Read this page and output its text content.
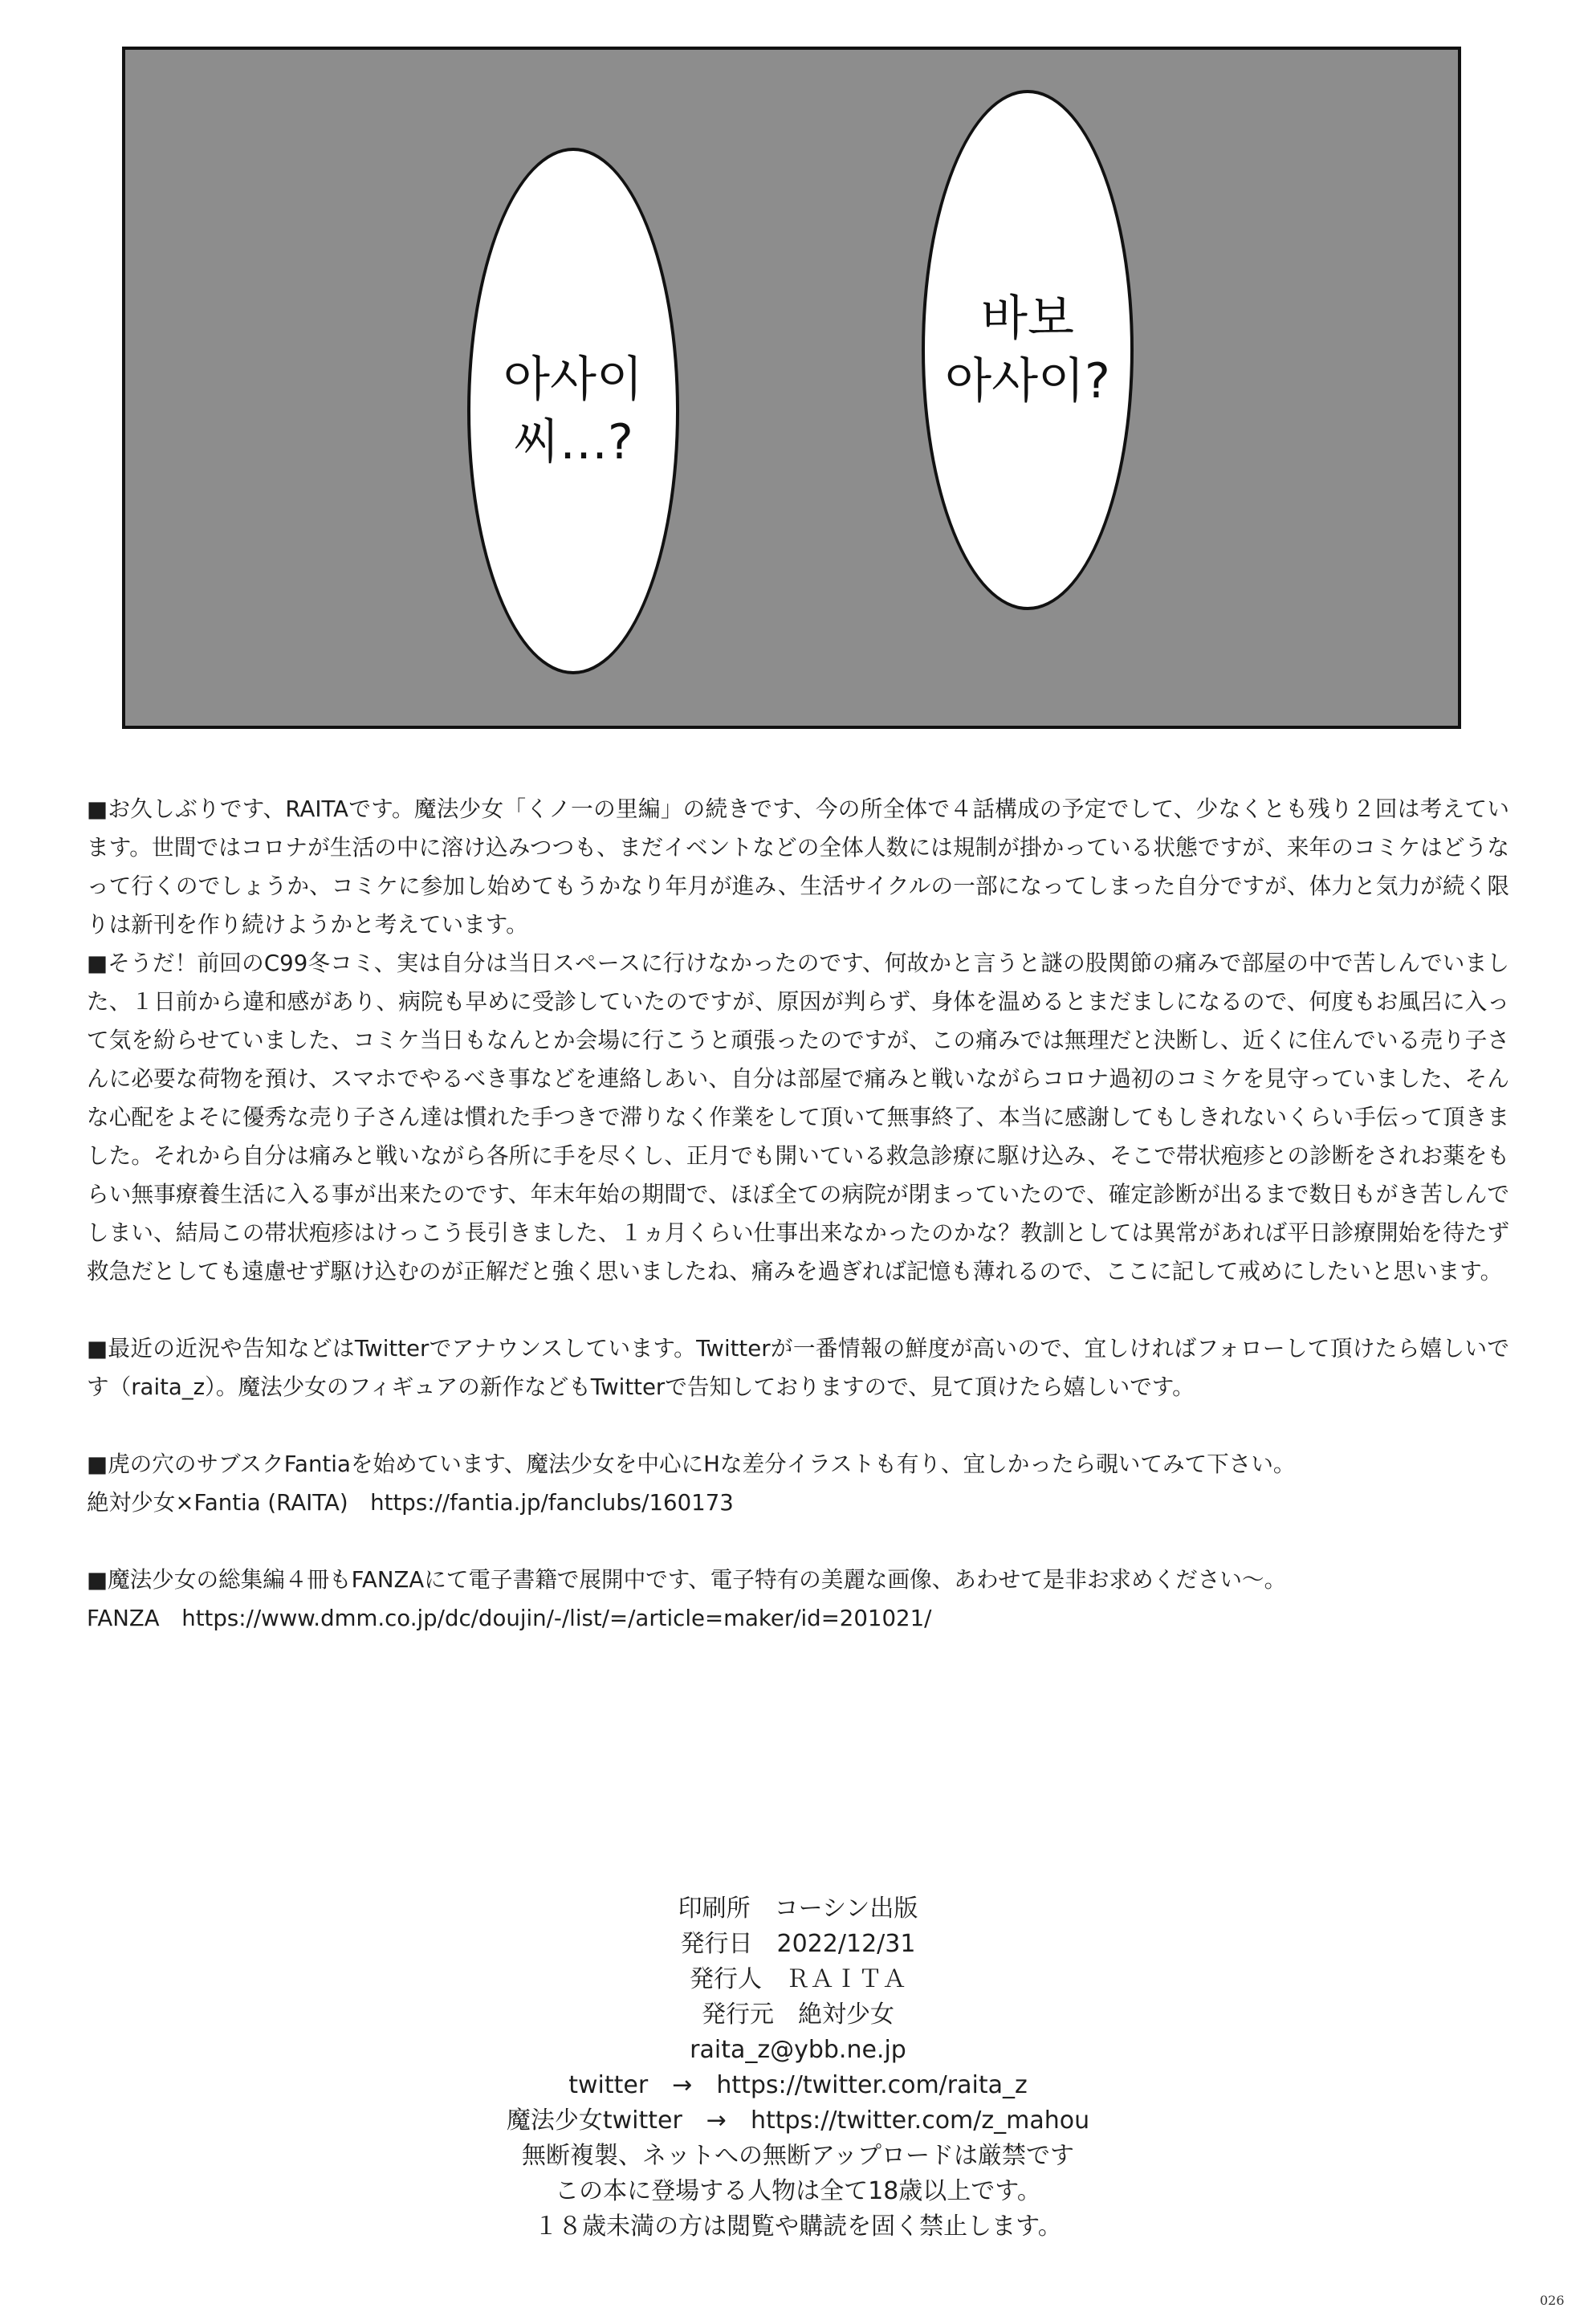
아사이
씨…?
바보
아사이?

■お久しぶりです、RAITAです。魔法少女「くノ一の里編」の続きです、今の所全体で４話構成の予定でして、少なくとも残り２回は考えています。世間ではコロナが生活の中に溶け込みつつも、まだイベントなどの全体人数には規制が掛かっている状態ですが、来年のコミケはどうなって行くのでしょうか、コミケに参加し始めてもうかなり年月が進み、生活サイクルの一部になってしまった自分ですが、体力と気力が続く限りは新刊を作り続けようかと考えています。

■そうだ！前回のC99冬コミ、実は自分は当日スペースに行けなかったのです、何故かと言うと謎の股関節の痛みで部屋の中で苦しんでいました、１日前から違和感があり、病院も早めに受診していたのですが、原因が判らず、身体を温めるとまだましになるので、何度もお風呂に入って気を紛らせていました、コミケ当日もなんとか会場に行こうと頑張ったのですが、この痛みでは無理だと決断し、近くに住んでいる売り子さんに必要な荷物を預け、スマホでやるべき事などを連絡しあい、自分は部屋で痛みと戦いながらコロナ過初のコミケを見守っていました、そんな心配をよそに優秀な売り子さん達は慣れた手つきで滞りなく作業をして頂いて無事終了、本当に感謝してもしきれないくらい手伝って頂きました。それから自分は痛みと戦いながら各所に手を尽くし、正月でも開いている救急診療に駆け込み、そこで帯状疱疹との診断をされお薬をもらい無事療養生活に入る事が出来たのです、年末年始の期間で、ほぼ全ての病院が閉まっていたので、確定診断が出るまで数日もがき苦しんでしまい、結局この帯状疱疹はけっこう長引きました、１ヵ月くらい仕事出来なかったのかな？教訓としては異常があれば平日診療開始を待たず救急だとしても遠慮せず駆け込むのが正解だと強く思いましたね、痛みを過ぎれば記憶も薄れるので、ここに記して戒めにしたいと思います。

■最近の近況や告知などはTwitterでアナウンスしています。Twitterが一番情報の鮮度が高いので、宜しければフォローして頂けたら嬉しいです（raita_z）。魔法少女のフィギュアの新作などもTwitterで告知しておりますので、見て頂けたら嬉しいです。

■虎の穴のサブスクFantiaを始めています、魔法少女を中心にHな差分イラストも有り、宜しかったら覗いてみて下さい。

絶対少女×Fantia (RAITA)　https://fantia.jp/fanclubs/160173

■魔法少女の総集編４冊もFANZAにて電子書籍で展開中です、電子特有の美麗な画像、あわせて是非お求めください～。

FANZA　https://www.dmm.co.jp/dc/doujin/-/list/=/article=maker/id=201021/

印刷所　コーシン出版
発行日　2022/12/31
発行人　ＲＡＩＴＡ
発行元　絶対少女
raita_z@ybb.ne.jp
twitter　→　https://twitter.com/raita_z
魔法少女twitter　→　https://twitter.com/z_mahou
無断複製、ネットへの無断アップロードは厳禁です
この本に登場する人物は全て18歳以上です。
１８歳未満の方は閲覧や購読を固く禁止します。
026
